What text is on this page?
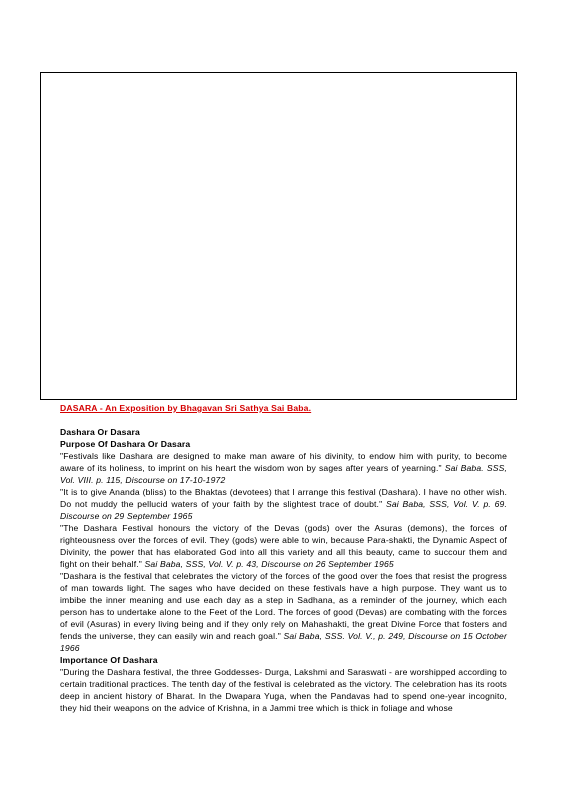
DASARA - An Exposition by Bhagavan Sri Sathya Sai Baba.
Dashara Or Dasara
Purpose Of Dashara Or Dasara

"Festivals like Dashara are designed to make man aware of his divinity, to endow him with purity, to become aware of its holiness, to imprint on his heart the wisdom won by sages after years of yearning." Sai Baba. SSS, Vol. VIII. p. 115, Discourse on 17-10-1972

"It is to give Ananda (bliss) to the Bhaktas (devotees) that I arrange this festival (Dashara). I have no other wish. Do not muddy the pellucid waters of your faith by the slightest trace of doubt." Sai Baba, SSS, Vol. V. p. 69. Discourse on 29 September 1965

"The Dashara Festival honours the victory of the Devas (gods) over the Asuras (demons), the forces of righteousness over the forces of evil. They (gods) were able to win, because Para-shakti, the Dynamic Aspect of Divinity, the power that has elaborated God into all this variety and all this beauty, came to succour them and fight on their behalf." Sai Baba, SSS, Vol. V. p. 43, Discourse on 26 September 1965

"Dashara is the festival that celebrates the victory of the forces of the good over the foes that resist the progress of man towards light. The sages who have decided on these festivals have a high purpose. They want us to imbibe the inner meaning and use each day as a step in Sadhana, as a reminder of the journey, which each person has to undertake alone to the Feet of the Lord. The forces of good (Devas) are combating with the forces of evil (Asuras) in every living being and if they only rely on Mahashakti, the great Divine Force that fosters and fends the universe, they can easily win and reach goal." Sai Baba, SSS. Vol. V., p. 249, Discourse on 15 October 1966

Importance Of Dashara

"During the Dashara festival, the three Goddesses- Durga, Lakshmi and Saraswati - are worshipped according to certain traditional practices. The tenth day of the festival is celebrated as the victory. The celebration has its roots deep in ancient history of Bharat. In the Dwapara Yuga, when the Pandavas had to spend one-year incognito, they hid their weapons on the advice of Krishna, in a Jammi tree which is thick in foliage and whose
